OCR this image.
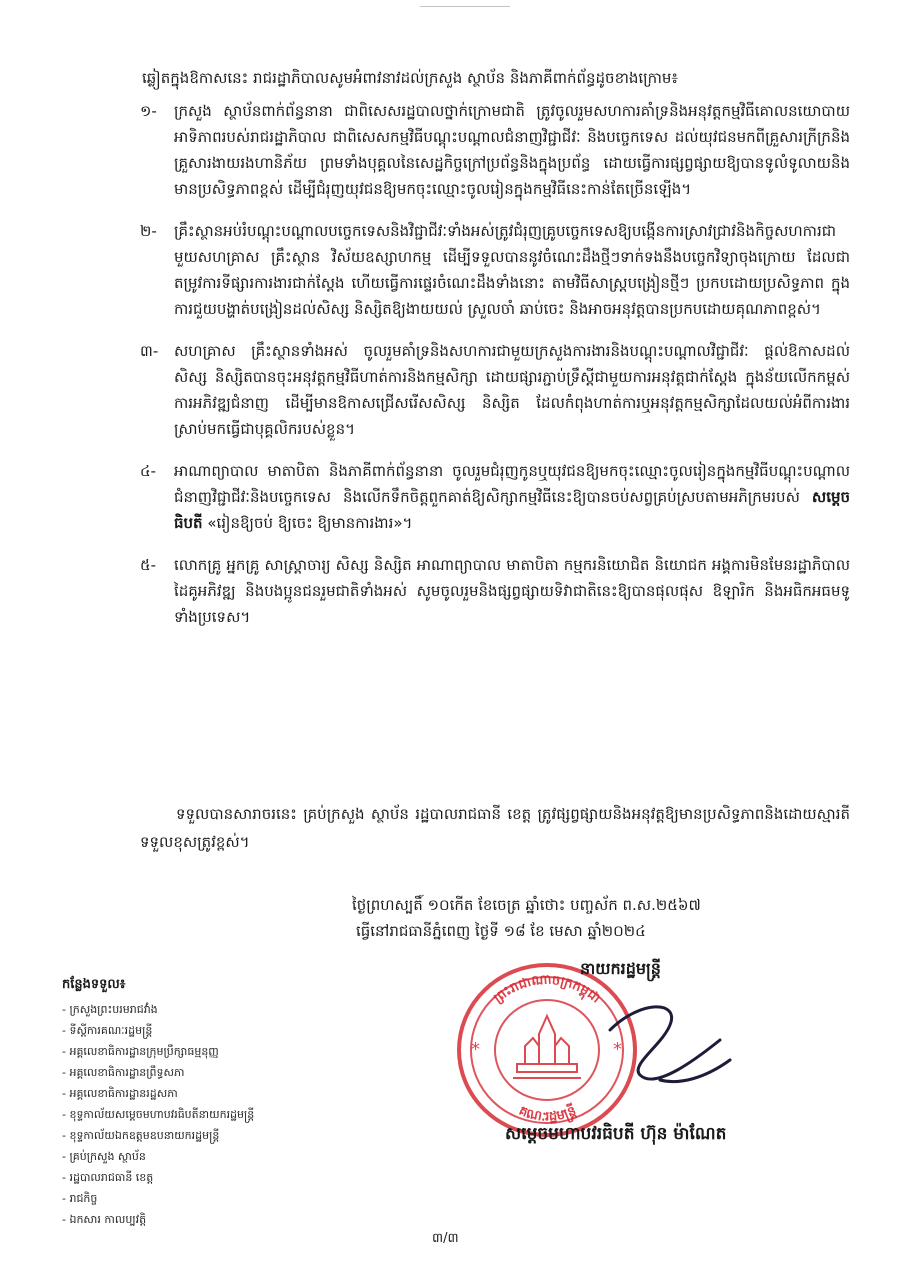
ឆ្លៀតក្នុងឱកាសនេះ រាជរដ្ឋាភិបាលសូមអំពាវនាវដល់ក្រសួង ស្ថាប័ន និងភាគីពាក់ព័ន្ធដូចខាងក្រោម៖
១-	ក្រសួង ស្ថាប័នពាក់ព័ន្ធនានា ជាពិសេសរដ្ឋបាលថ្នាក់ក្រោមជាតិ ត្រូវចូលរួមសហការគាំទ្រនិងអនុវត្តកម្មវិធីគោលនយោបាយអាទិភាពរបស់រាជរដ្ឋាភិបាល ជាពិសេសកម្មវិធីបណ្តុះបណ្តាលជំនាញវិជ្ជាជីវៈ និងបច្ចេកទេស ដល់យុវជនមកពីគ្រួសារក្រីក្រនិងគ្រួសារងាយរងហានិភ័យ ព្រមទាំងបុគ្គលនៃសេដ្ឋកិច្ចក្រៅប្រព័ន្ធនិងក្នុងប្រព័ន្ធ ដោយធ្វើការផ្សព្វផ្សាយឱ្យបានទូលំទូលាយនិងមានប្រសិទ្ធភាពខ្ពស់ ដើម្បីជំរុញយុវជនឱ្យមកចុះឈ្មោះចូលរៀនក្នុងកម្មវិធីនេះកាន់តែច្រើនឡើង។
២-	គ្រឹះស្ថានអប់រំបណ្តុះបណ្តាលបច្ចេកទេសនិងវិជ្ជាជីវៈទាំងអស់ត្រូវជំរុញគ្រូបច្ចេកទេសឱ្យបង្កើនការស្រាវជ្រាវនិងកិច្ចសហការជាមួយសហគ្រាស គ្រឹះស្ថាន វិស័យឧស្សាហកម្ម ដើម្បីទទួលបាននូវចំណេះដឹងថ្មីៗទាក់ទងនឹងបច្ចេកវិទ្យាចុងក្រោយ ដែលជាតម្រូវការទីផ្សារការងារជាក់ស្តែង ហើយធ្វើការផ្ទេរចំណេះដឹងទាំងនោះ តាមវិធីសាស្ត្របង្រៀនថ្មីៗ ប្រកបដោយប្រសិទ្ធភាព ក្នុងការជួយបង្ហាត់បង្រៀនដល់សិស្ស និស្សិតឱ្យងាយយល់ ស្រួលចាំ ឆាប់ចេះ និងអាចអនុវត្តបានប្រកបដោយគុណភាពខ្ពស់។
៣-	សហគ្រាស គ្រឹះស្ថានទាំងអស់ ចូលរួមគាំទ្រនិងសហការជាមួយក្រសួងការងារនិងបណ្តុះបណ្តាលវិជ្ជាជីវៈ ផ្តល់ឱកាសដល់សិស្ស និស្សិតបានចុះអនុវត្តកម្មវិធីហាត់ការនិងកម្មសិក្សា ដោយផ្សារភ្ជាប់ទ្រឹស្តីជាមួយការអនុវត្តជាក់ស្តែង ក្នុងន័យលើកកម្ពស់ការអភិវឌ្ឍជំនាញ ដើម្បីមានឱកាសជ្រើសរើសសិស្ស និស្សិត ដែលកំពុងហាត់ការឬអនុវត្តកម្មសិក្សាដែលយល់អំពីការងារស្រាប់មកធ្វើជាបុគ្គលិករបស់ខ្លួន។
៤-	អាណាព្យាបាល មាតាបិតា និងភាគីពាក់ព័ន្ធនានា ចូលរួមជំរុញកូនឬយុវជនឱ្យមកចុះឈ្មោះចូលរៀនក្នុងកម្មវិធីបណ្តុះបណ្តាលជំនាញវិជ្ជាជីវៈនិងបច្ចេកទេស និងលើកទឹកចិត្តពួកគាត់ឱ្យសិក្សាកម្មវិធីនេះឱ្យបានចប់សព្វគ្រប់ស្របតាមអភិក្រមរបស់ សម្តេចធិបតី «រៀនឱ្យចប់ ឱ្យចេះ ឱ្យមានការងារ»។
៥-	លោកគ្រូ អ្នកគ្រូ សាស្ត្រាចារ្យ សិស្ស និស្សិត អាណាព្យាបាល មាតាបិតា កម្មករនិយោជិត និយោជក អង្គការមិនមែនរដ្ឋាភិបាល ដៃគូអភិវឌ្ឍ និងបងប្អូនជនរួមជាតិទាំងអស់ សូមចូលរួមនិងផ្សព្វផ្សាយទិវាជាតិនេះឱ្យបានផុលផុស ឱឡារិក និងអធិកអធមទូទាំងប្រទេស។
ទទួលបានសារាចរនេះ គ្រប់ក្រសួង ស្ថាប័ន រដ្ឋបាលរាជធានី ខេត្ត ត្រូវផ្សព្វផ្សាយនិងអនុវត្តឱ្យមានប្រសិទ្ធភាពនិងដោយស្មារតីទទួលខុសត្រូវខ្ពស់។
ថ្ងៃព្រហស្បតិ៍ ១០កើត ខែចេត្រ ឆ្នាំថោះ បញ្ចស័ក ព.ស.២៥៦៧
ធ្វើនៅរាជធានីភ្នំពេញ ថ្ងៃទី ១៨ ខែ មេសា ឆ្នាំ២០២៤
ព្រះរាជាណាចក្រកម្ពុជា
គណៈរដ្ឋមន្ត្រី
*	*
នាយករដ្ឋមន្ត្រី
សម្តេចមហាបវរធិបតី ហ៊ុន ម៉ាណែត
កន្លែងទទួល៖
- ក្រសួងព្រះបរមរាជវាំង
- ទីស្តីការគណៈរដ្ឋមន្ត្រី
- អគ្គលេខាធិការដ្ឋានក្រុមប្រឹក្សាធម្មនុញ្ញ
- អគ្គលេខាធិការដ្ឋានព្រឹទ្ធសភា
- អគ្គលេខាធិការដ្ឋានរដ្ឋសភា
- ខុទ្ទកាល័យសម្តេចមហាបវរធិបតីនាយករដ្ឋមន្ត្រី
- ខុទ្ទកាល័យឯកឧត្តមឧបនាយករដ្ឋមន្ត្រី
- គ្រប់ក្រសួង ស្ថាប័ន
- រដ្ឋបាលរាជធានី ខេត្ត
- រាជកិច្ច
- ឯកសារ កាលប្បវត្តិ
៣/៣
